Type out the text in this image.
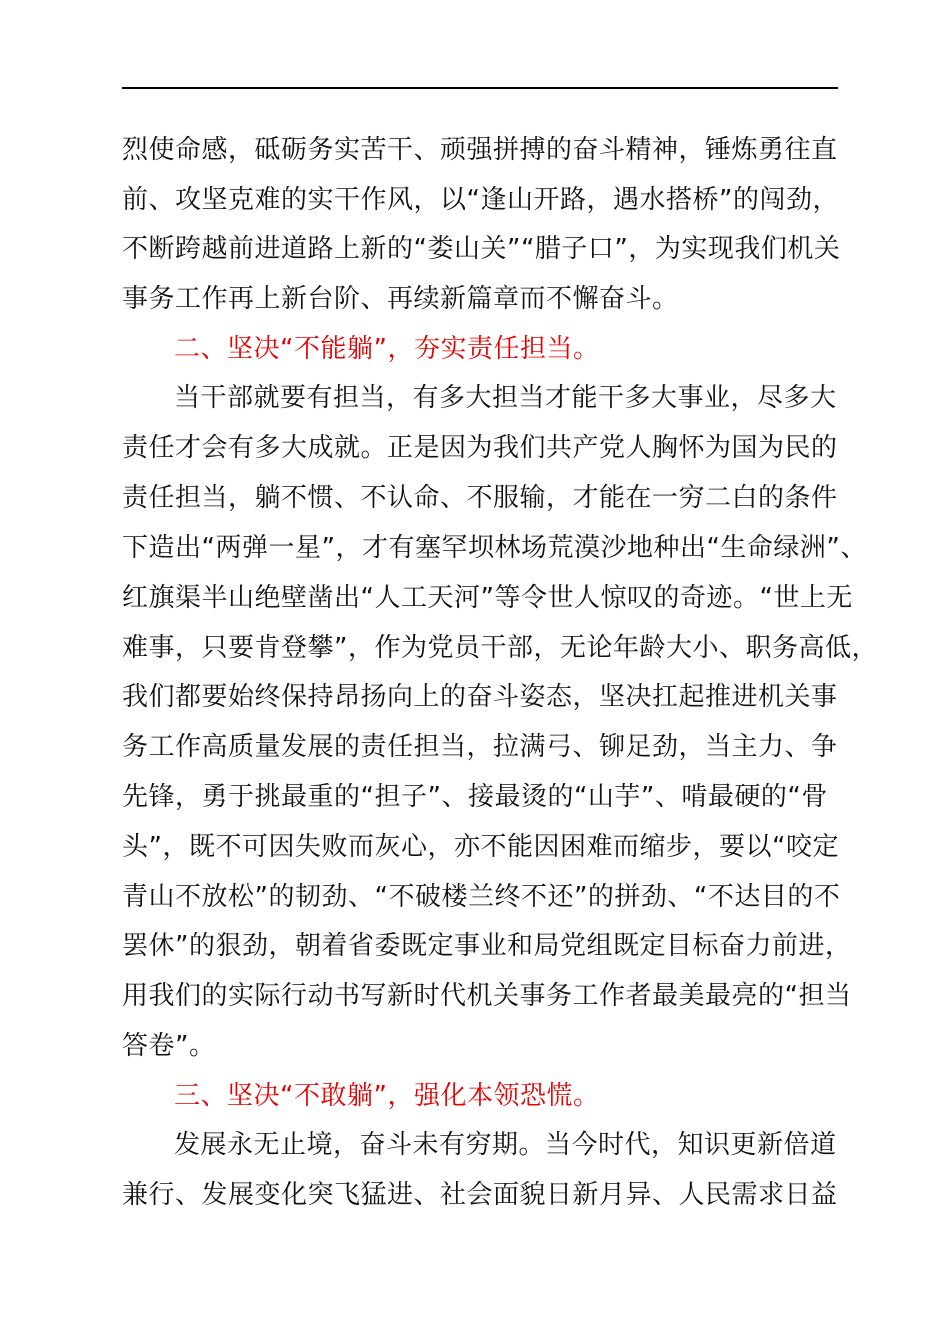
烈使命感，砥砺务实苦干、顽强拼搏的奋斗精神，锤炼勇往直
前、攻坚克难的实干作风，以“逢山开路，遇水搭桥”的闯劲，
不断跨越前进道路上新的“娄山关”“腊子口”，为实现我们机关
事务工作再上新台阶、再续新篇章而不懈奋斗。
二、坚决“不能躺”，夯实责任担当。
当干部就要有担当，有多大担当才能干多大事业，尽多大
责任才会有多大成就。正是因为我们共产党人胸怀为国为民的
责任担当，躺不惯、不认命、不服输，才能在一穷二白的条件
下造出“两弹一星”，才有塞罕坝林场荒漠沙地种出“生命绿洲”、
红旗渠半山绝壁凿出“人工天河”等令世人惊叹的奇迹。“世上无
难事，只要肯登攀”，作为党员干部，无论年龄大小、职务高低，
我们都要始终保持昂扬向上的奋斗姿态，坚决扛起推进机关事
务工作高质量发展的责任担当，拉满弓、铆足劲，当主力、争
先锋，勇于挑最重的“担子”、接最烫的“山芋”、啃最硬的“骨
头”，既不可因失败而灰心，亦不能因困难而缩步，要以“咬定
青山不放松”的韧劲、“不破楼兰终不还”的拼劲、“不达目的不
罢休”的狠劲，朝着省委既定事业和局党组既定目标奋力前进，
用我们的实际行动书写新时代机关事务工作者最美最亮的“担当
答卷”。
三、坚决“不敢躺”，强化本领恐慌。
发展永无止境，奋斗未有穷期。当今时代，知识更新倍道
兼行、发展变化突飞猛进、社会面貌日新月异、人民需求日益
